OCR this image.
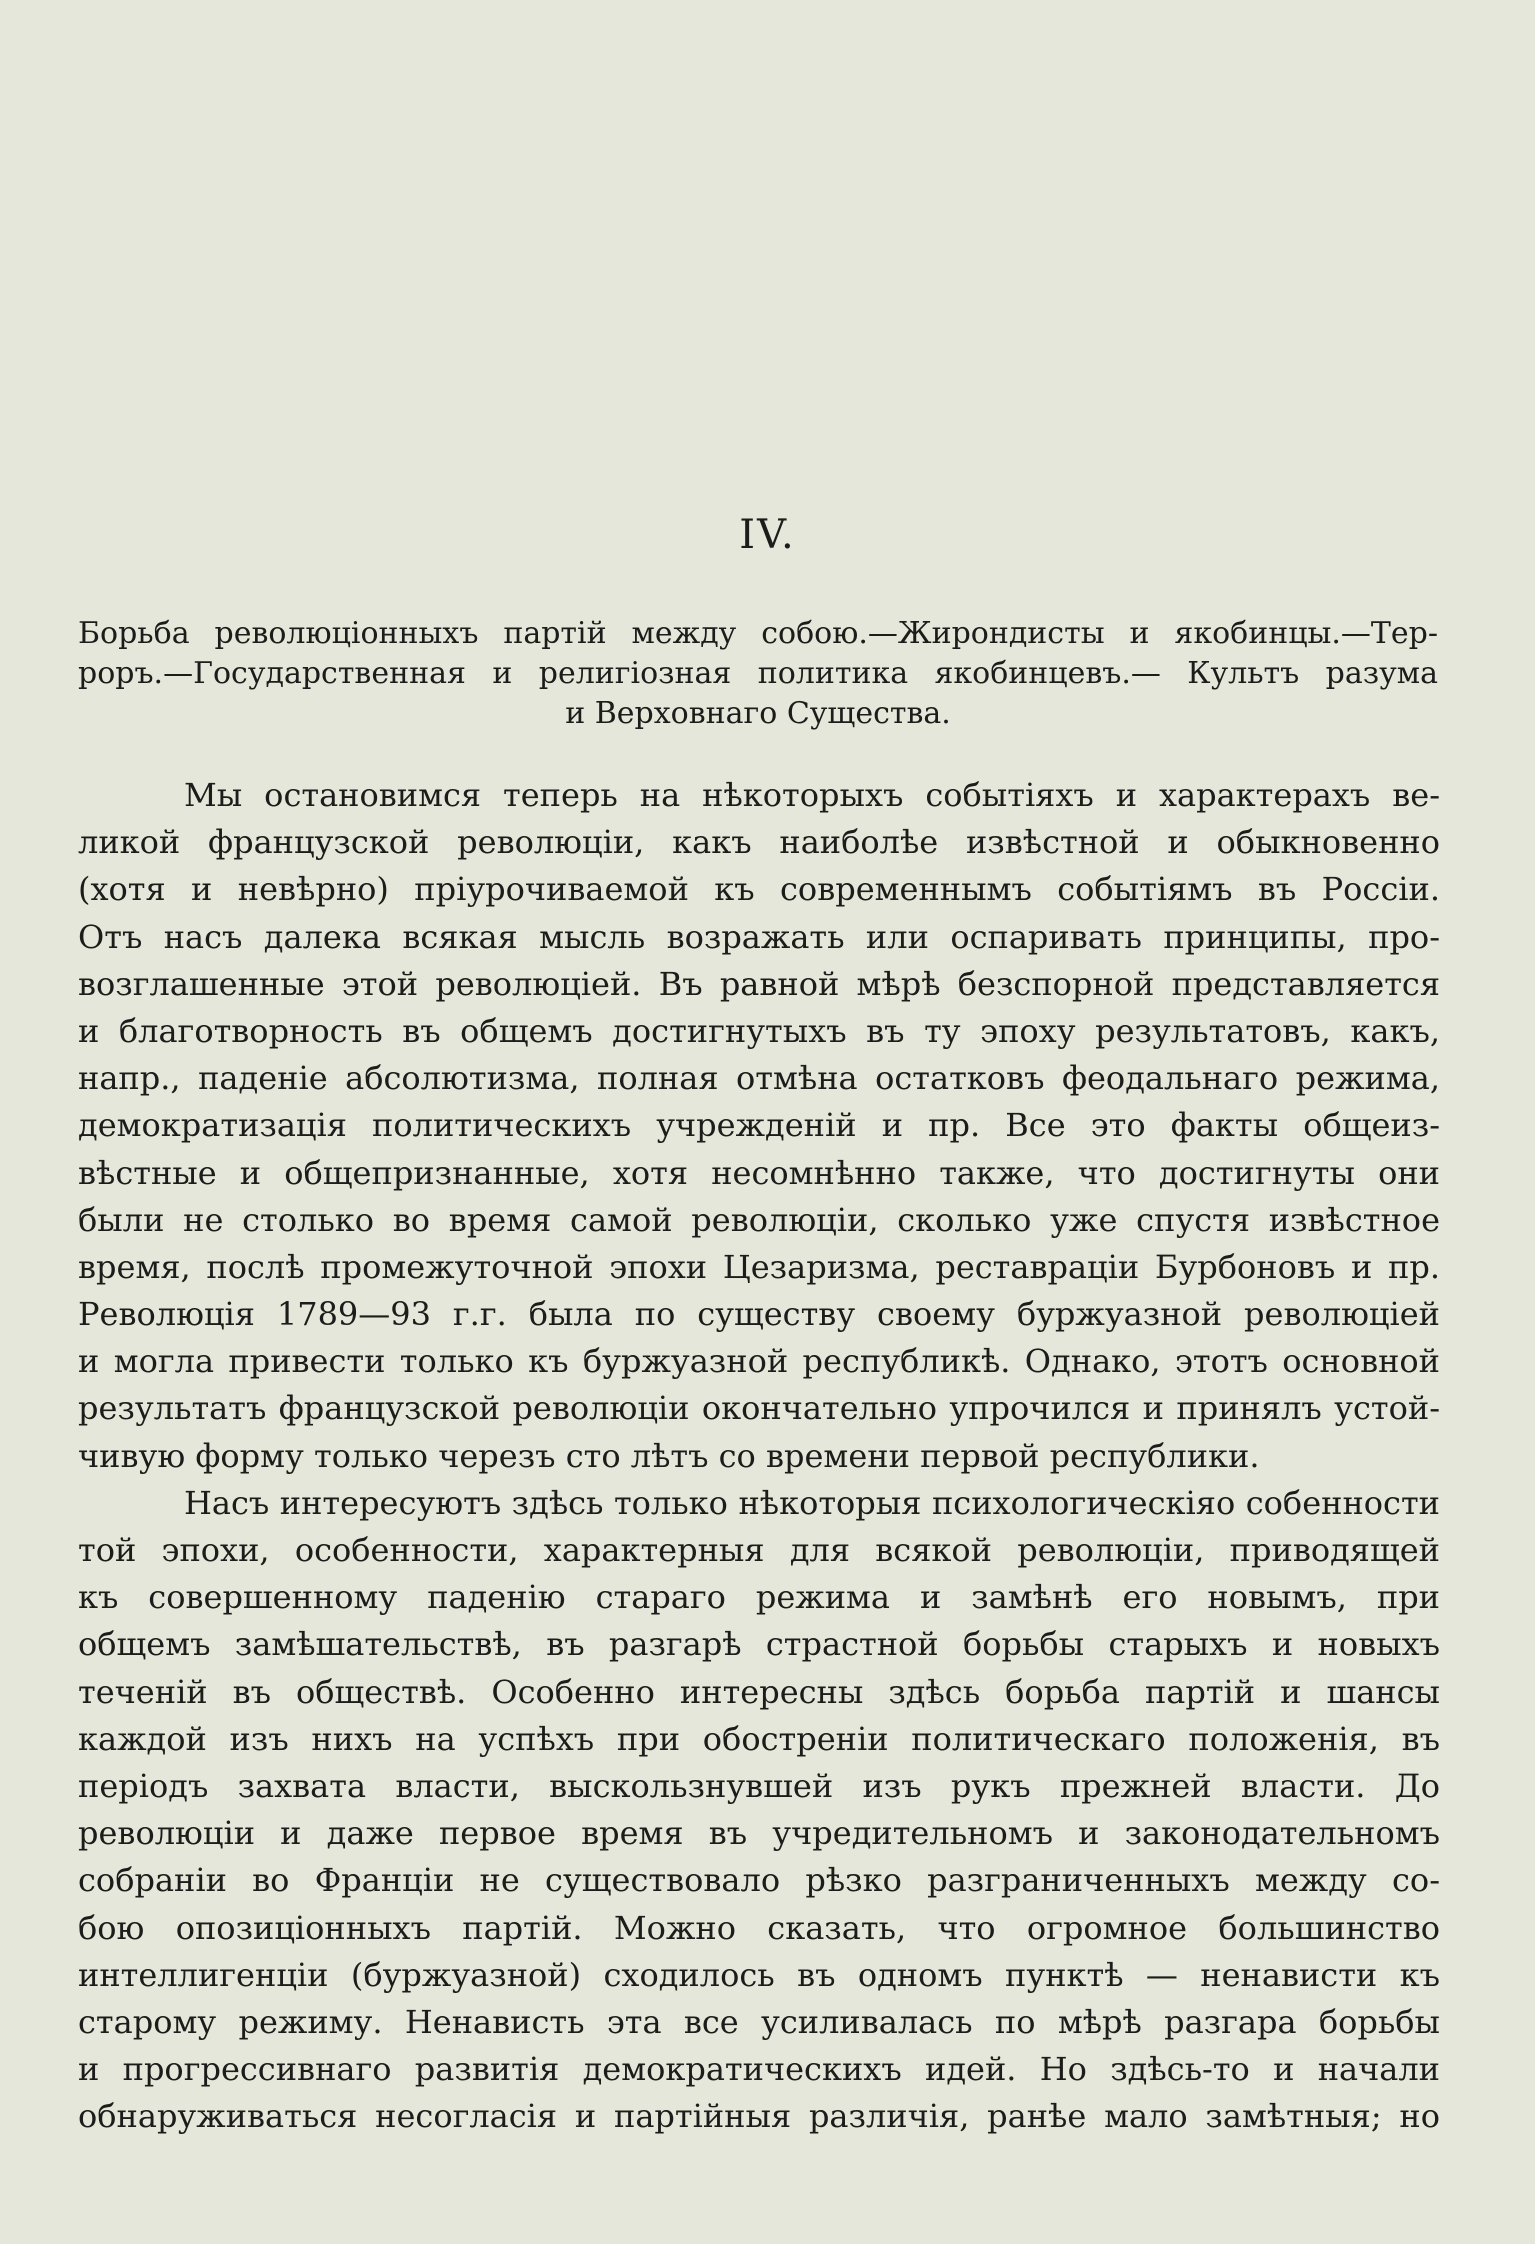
IV.
Борьба революціонныхъ партій между собою.—Жирондисты и якобинцы.—Тер-
роръ.—Государственная и религіозная политика якобинцевъ.— Культъ разума
и Верховнаго Существа.
Мы остановимся теперь на нѣкоторыхъ событіяхъ и характерахъ ве-
ликой французской революціи, какъ наиболѣе извѣстной и обыкновенно
(хотя и невѣрно) пріурочиваемой къ современнымъ событіямъ въ Россіи.
Отъ насъ далека всякая мысль возражать или оспаривать принципы, про-
возглашенные этой революціей. Въ равной мѣрѣ безспорной представляется
и благотворность въ общемъ достигнутыхъ въ ту эпоху результатовъ, какъ,
напр., паденіе абсолютизма, полная отмѣна остатковъ феодальнаго режима,
демократизація политическихъ учрежденій и пр. Все это факты общеиз-
вѣстные и общепризнанные, хотя несомнѣнно также, что достигнуты они
были не столько во время самой революціи, сколько уже спустя извѣстное
время, послѣ промежуточной эпохи Цезаризма, реставраціи Бурбоновъ и пр.
Революція 1789—93 г.г. была по существу своему буржуазной революціей
и могла привести только къ буржуазной республикѣ. Однако, этотъ основной
результатъ французской революціи окончательно упрочился и принялъ устой-
чивую форму только черезъ сто лѣтъ со времени первой республики.
Насъ интересуютъ здѣсь только нѣкоторыя психологическіяо собенности
той эпохи, особенности, характерныя для всякой революціи, приводящей
къ совершенному паденію стараго режима и замѣнѣ его новымъ, при
общемъ замѣшательствѣ, въ разгарѣ страстной борьбы старыхъ и новыхъ
теченій въ обществѣ. Особенно интересны здѣсь борьба партій и шансы
каждой изъ нихъ на успѣхъ при обостреніи политическаго положенія, въ
періодъ захвата власти, выскользнувшей изъ рукъ прежней власти. До
революціи и даже первое время въ учредительномъ и законодательномъ
собраніи во Франціи не существовало рѣзко разграниченныхъ между со-
бою опозиціонныхъ партій. Можно сказать, что огромное большинство
интеллигенціи (буржуазной) сходилось въ одномъ пунктѣ — ненависти къ
старому режиму. Ненависть эта все усиливалась по мѣрѣ разгара борьбы
и прогрессивнаго развитія демократическихъ идей. Но здѣсь-то и начали
обнаруживаться несогласія и партійныя различія, ранѣе мало замѣтныя; но
